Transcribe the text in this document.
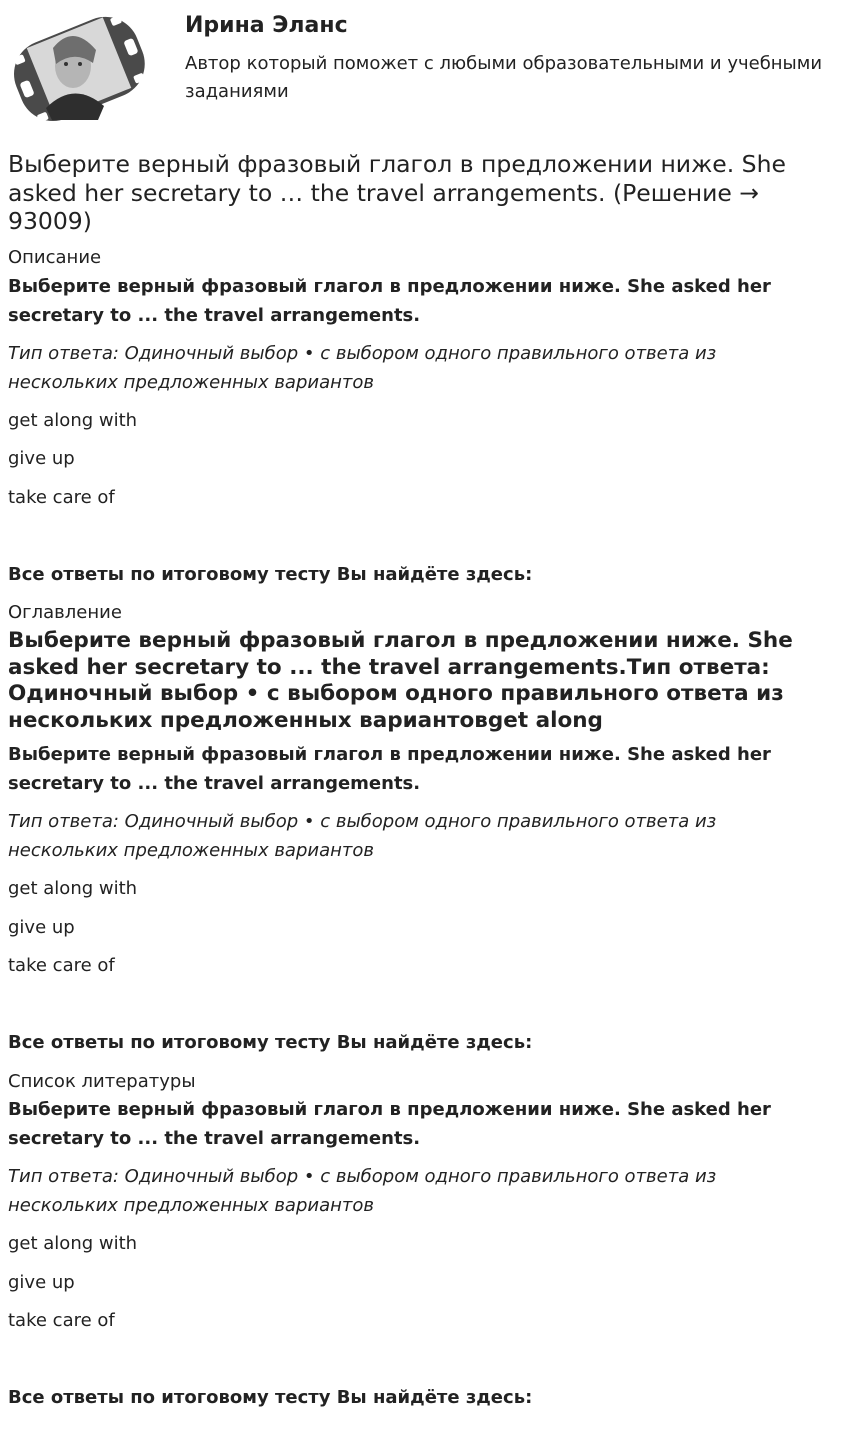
Ирина Эланс
Автор который поможет с любыми образовательными и учебными заданиями
Выберите верный фразовый глагол в предложении ниже. She asked her secretary to … the travel arrangements. (Решение → 93009)
Описание
Выберите верный фразовый глагол в предложении ниже. She asked her secretary to ... the travel arrangements.
Тип ответа: Одиночный выбор • с выбором одного правильного ответа из нескольких предложенных вариантов
get along with
give up
take care of
Все ответы по итоговому тесту Вы найдёте здесь:
Оглавление
Выберите верный фразовый глагол в предложении ниже. She asked her secretary to ... the travel arrangements.Тип ответа: Одиночный выбор • с выбором одного правильного ответа из нескольких предложенных вариантовget along
Выберите верный фразовый глагол в предложении ниже. She asked her secretary to ... the travel arrangements.
Тип ответа: Одиночный выбор • с выбором одного правильного ответа из нескольких предложенных вариантов
get along with
give up
take care of
Все ответы по итоговому тесту Вы найдёте здесь:
Список литературы
Выберите верный фразовый глагол в предложении ниже. She asked her secretary to ... the travel arrangements.
Тип ответа: Одиночный выбор • с выбором одного правильного ответа из нескольких предложенных вариантов
get along with
give up
take care of
Все ответы по итоговому тесту Вы найдёте здесь:
